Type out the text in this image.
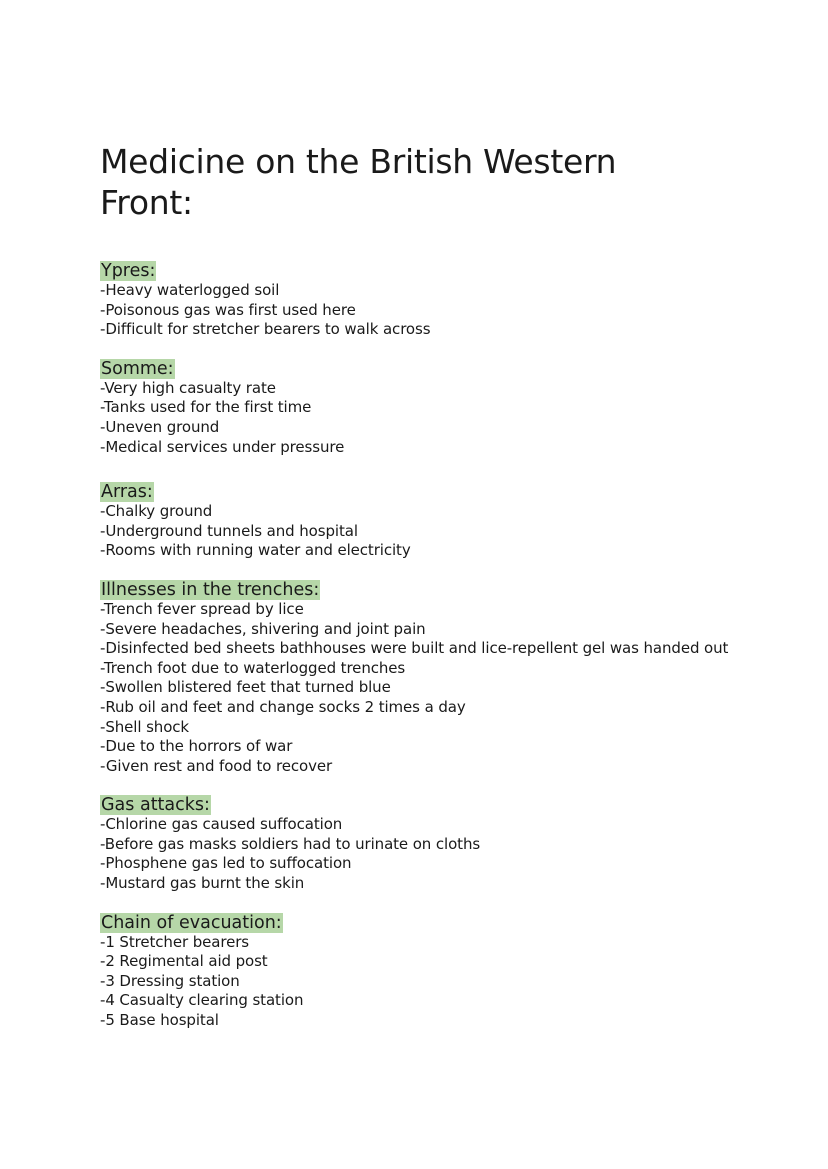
Medicine on the British Western Front:
Ypres:
-Heavy waterlogged soil
-Poisonous gas was first used here
-Difficult for stretcher bearers to walk across
Somme:
-Very high casualty rate
-Tanks used for the first time
-Uneven ground
-Medical services under pressure
Arras:
-Chalky ground
-Underground tunnels and hospital
-Rooms with running water and electricity
Illnesses in the trenches:
-Trench fever spread by lice
-Severe headaches, shivering and joint pain
-Disinfected bed sheets bathhouses were built and lice-repellent gel was handed out
-Trench foot due to waterlogged trenches
-Swollen blistered feet that turned blue
-Rub oil and feet and change socks 2 times a day
-Shell shock
-Due to the horrors of war
-Given rest and food to recover
Gas attacks:
-Chlorine gas caused suffocation
-Before gas masks soldiers had to urinate on cloths
-Phosphene gas led to suffocation
-Mustard gas burnt the skin
Chain of evacuation:
-1 Stretcher bearers
-2 Regimental aid post
-3 Dressing station
-4 Casualty clearing station
-5 Base hospital
